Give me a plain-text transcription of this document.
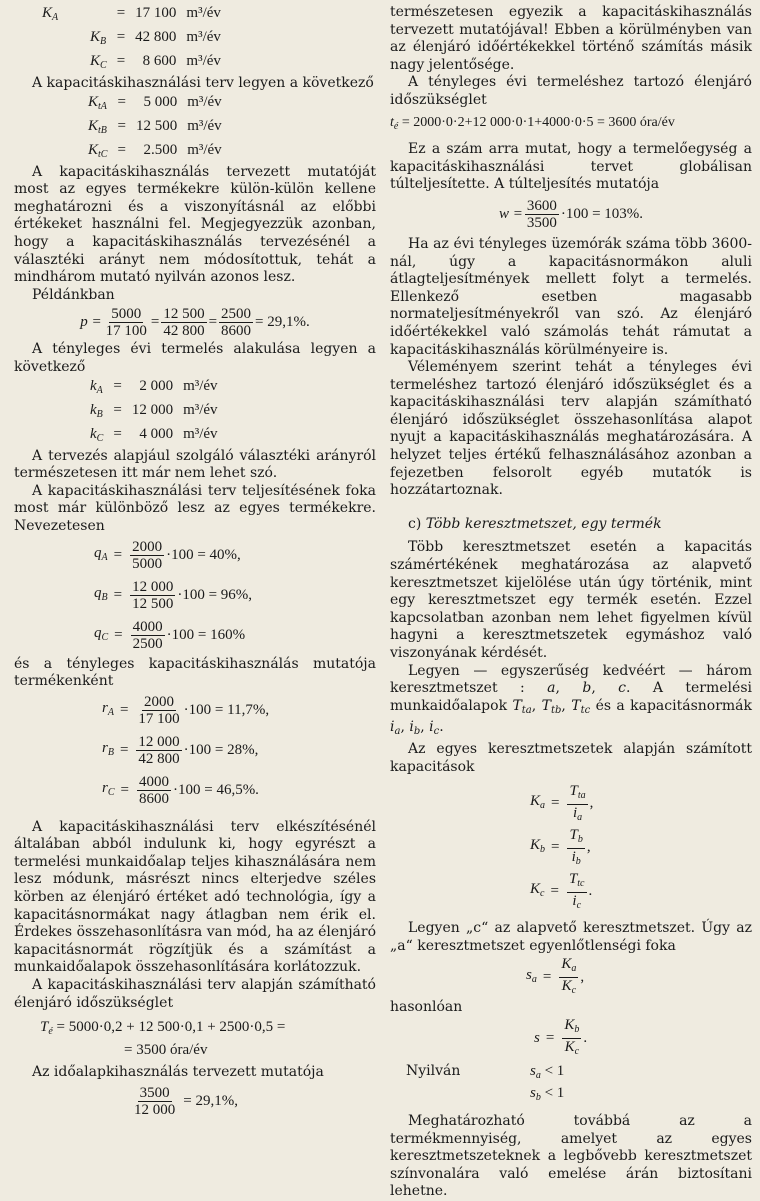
$K_A$	= 17 100 m³/év
$K_B = 42$ 800 m³/év
$K_C$ =	8 600 m³/év

A kapacitáskihasználási terv legyen a következő

$K_{tA}$ =	5 000 m³/év
$K_{tB} = 12$ 500 m³/év
$K_{tC}$ =	2.500 m³/év

A kapacitáskihasználás tervezett mutatóját most az egyes termékekre külön-külön kellene meghatározni és a viszonyításnál az előbbi értékeket használni fel. Megjegyezzük azonban, hogy a kapacitáskihasználás tervezésénél a választéki arányt nem módosítottuk, tehát a mindhárom mutató nyilván azonos lesz.

Példánkban

$p = \frac{5000}{17 100} = \frac{12 500}{42 800} = \frac{2500}{8600} = 29,1\%$.

A tényleges évi termelés alakulása legyen a következő

$k_A$ =	2 000 m³/év
$k_B = 12$ 000 m³/év
$k_C$ =	4 000 m³/év

A tervezés alapjául szolgáló választéki arányról természetesen itt már nem lehet szó.

A kapacitáskihasználási terv teljesítésének foka most már különböző lesz az egyes termékekre. Nevezetesen

$q_A = \frac{2000}{5000} \cdot 100 = 40\%$,
$q_B = \frac{12 000}{12 500} \cdot 100 = 96\%$,
$q_C = \frac{4000}{2500} \cdot 100 = 160\%$

és a tényleges kapacitáskihasználás mutatója termékenként

$r_A = \frac{2000}{17 100} \cdot 100 = 11,7\%$,
$r_B = \frac{12 000}{42 800} \cdot 100 = 28\%$,
$r_C = \frac{4000}{8600} \cdot 100 = 46,5\%$.

A kapacitáskihasználási terv elkészítésénél általában abból indulunk ki, hogy egyrészt a termelési munkaidőalap teljes kihasználására nem lesz módunk, másrészt nincs elterjedve széles körben az élenjáró értéket adó technológia, így a kapacitásnormákat nagy átlagban nem érik el. Érdekes összehasonlításra van mód, ha az élenjáró kapacitásnormát rögzítjük és a számítást a munkaidőalapok összehasonlítására korlátozzuk.

A kapacitáskihasználási terv alapján számítható élenjáró időszükséglet

$T_é = 5000\cdot 0,2 + 12$ 500·0,1 + 2500·0,5 =
= 3500 óra/év

Az időalapkihasználás tervezett mutatója

$\frac{3500}{12 000} = 29,1\%$,

természetesen egyezik a kapacitáskihasználás tervezett mutatójával! Ebben a körülményben van az élenjáró időértékekkel történő számítás másik nagy jelentősége.

A tényleges évi termeléshez tartozó élenjáró időszükséglet

$t_é = 2000\cdot 0\cdot 2+12$ 000·0·1+4000·0·5 = 3600 óra/év

Ez a szám arra mutat, hogy a termelőegység a kapacitáskihasználási tervet globálisan túlteljesítette. A túlteljesítés mutatója

$w = \frac{3600}{3500} \cdot 100 = 103\%$.

Ha az évi tényleges üzemórák száma több 3600-nál, úgy a kapacitásnormákon aluli átlagteljesítmények mellett folyt a termelés. Ellenkező esetben magasabb normateljesítményekről van szó. Az élenjáró időértékekkel való számolás tehát rámutat a kapacitáskihasználás körülményeire is.

Véleményem szerint tehát a tényleges évi termeléshez tartozó élenjáró időszükséglet és a kapacitáskihasználási terv alapján számítható élenjáró időszükséglet összehasonlítása alapot nyujt a kapacitáskihasználás meghatározására. A helyzet teljes értékű felhasználásához azonban a fejezetben felsorolt egyéb mutatók is hozzátartoznak.

c) Több keresztmetszet, egy termék

Több keresztmetszet esetén a kapacitás számértékének meghatározása az alapvető keresztmetszet kijelölése után úgy történik, mint egy keresztmetszet egy termék esetén. Ezzel kapcsolatban azonban nem lehet figyelmen kívül hagyni a keresztmetszetek egymáshoz való viszonyának kérdését.

Legyen — egyszerűség kedvéért — három keresztmetszet : a, b, c. A termelési munkaidőalapok $T_{ta}$, $T_{tb}$, $T_{tc}$ és a kapacitásnormák $i_a$, $i_b$, $i_c$.

Az egyes keresztmetszetek alapján számított kapacitások

$K_a = \frac{T_{ta}}{i_a}$ ,
$K_b = \frac{T_b}{i_b}$ ,
$K_c = \frac{T_{tc}}{i_c}$ .

Legyen „c“ az alapvető keresztmetszet. Úgy az „a“ keresztmetszet egyenlőtlenségi foka

$s_a = \frac{K_a}{K_c}$ ,

hasonlóan

$s = \frac{K_b}{K_c}$ .
Nyilván	$s_a < 1$
$s_b < 1$

Meghatározható továbbá az a termékmennyiség, amelyet az egyes keresztmetszeteknek a legbővebb keresztmetszet színvonalára való emelése árán biztosítani lehetne.
